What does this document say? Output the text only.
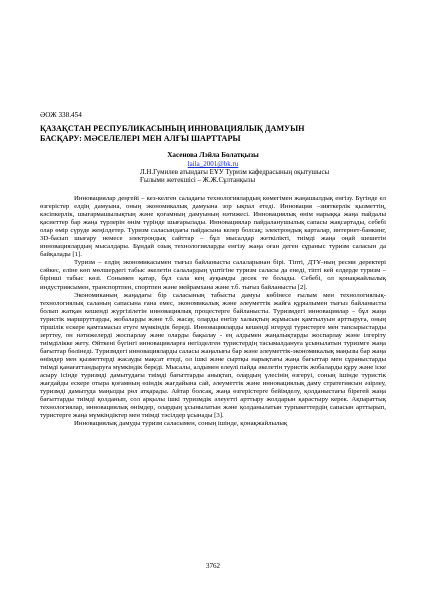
ӘОЖ 338.454

ҚАЗАҚСТАН РЕСПУБЛИКАСЫНЫҢ ИННОВАЦИЯЛЫҚ ДАМУЫН
БАСҚАРУ: МӘСЕЛЕЛЕРІ МЕН АЛҒЫ ШАРТТАРЫ
Хасенова Лэйла Болатқызы
laila_2001@bk.ru
Л.Н.Гумилев атындағы ЕҰУ Туризм кафедрасының оқытушысы
Ғылыми жетекшісі – Ж.Ж.Сұлтанқызы

Инновациялар деңгейі – кез-келген саладағы технологиялардың көмегімен жаңашылдық енгізу. Бүгінде ел өзгерістер елдің дамуына, оның экономикалық дамуына зор ықпал етеді. Инновация –зияткерлік қызметтің, кәсіпкерлік, шығармашылықтың және қоғамның дамуының нәтижесі. Инновациялық өнім нарыққа жаңа пайдалы қасиеттер бар жаңа түрлерін өнім түрінде шығарылады. Инновациялар пайдаланушылық сапасы жақсартады, себебі олар өмір сүруде жеңілдетер. Туризм саласындағы пайдасына келер болсақ; электрондық карталар, интернет-банкинг, 3D-басып шығару немесе электрондық сайттар – бұл мысалдар жеткілікті, тиімді жаңа оңай шешетін инновациялардың мысалдары. Бұндай озық технологияларды енгізу жаңа оған деген сұраныс туризм саласын да байқалады [1].

Туризм – елдің экономикасымен тығыз байланысты салаларынан бірі. Тіпті, ДТҰ-ның ресми деректері сәйкес, еліне көп мөлшердегі табыс әкелетін салалардың үштігіне туризм саласы да енеді, тіпті кей елдерде туризм – бірінші табыс көзі. Сонымен қатар, бұл сала кең ауқымды десек те болады. Себебі, ол қонақжайлылық индустриясымен, транспортпен, спортпен және мейрамхана және т.б. тығыз байланысты [2].

Экономиканың жаңадағы бір саласының табысты дамуы көбінесе ғылым мен технологиялық-технологиялық саланың сапасына ғана емес, экономикалық және әлеуметтік жайға құрылымен тығыз байланысты болып жатқан кешенді жүргізілетін инновациялық процестерге байланысты. Туризмдегі инновациялар – бұл жаңа туристік маршруттарды, жобаларды және т.б. жасау, оларды енгізу халықтың жұмысын қамтылуын арттыруға, оның тіршілік ескере қамтамасыз етуге мүмкіндік береді. Инновацияларды кешенді игеруді туристерге мен тапсырыстарды зерттеу, он нәтижелерді жоспарлау және оларды бақылау - ең алдымен жаңалықтарды жоспарлау және ілгеріту тиімділікке жету. Өйткені бүгінгі инновацияларға негізделген туристердің тасымалдануға ұсынылатын туризмге жаңа бағыттар бөлінеді. Туризмдегі инновацияларды саласы жаңалығы бар және әлеуметтік-экономикалық маңызы бар жаңа өнімдер мен қызметтерді жасауды мақсат етеді, ол ішкі және сыртқы нарықтағы жаңа бағыттар мен сұраныстарды тиімді қанағаттандыруға мүмкіндік береді. Мысалы, алдымен елеулі пайда әкелетін туристік жобаларды құру және іске асыру ісінде туризмді дамытудағы тиімді бағыттарды анықтап, олардың үлесінің өзгеруі, соның ішінде туристік жағдайды ескере отыра қоғамның өзіндік жағдайына сай, әлеуметтік және инновациялық даму стратегиясын әзірлеу, туризмді дамытуда маңызды рөл атқарады. Айтар болсақ, жаңа өзгерістерге бейімделу, қолданыстағы бірегей жаңа бағыттарды тиімді қолданып, сол арқылы ішкі туризмдік әлеуетті арттыру жолдарын қарастыру керек. Ақпараттық технологиялар, инновациялық өнімдер, олардың ұсынылатын және қолданылатын турпакеттердің сапасын арттырып, туристерге жаңа мүмкіндіктер мен тиімді тәсілдер ұсынады [3].

Инновациялық дамуды туризм саласымен, соның ішінде, қонақжайлылық

3762
